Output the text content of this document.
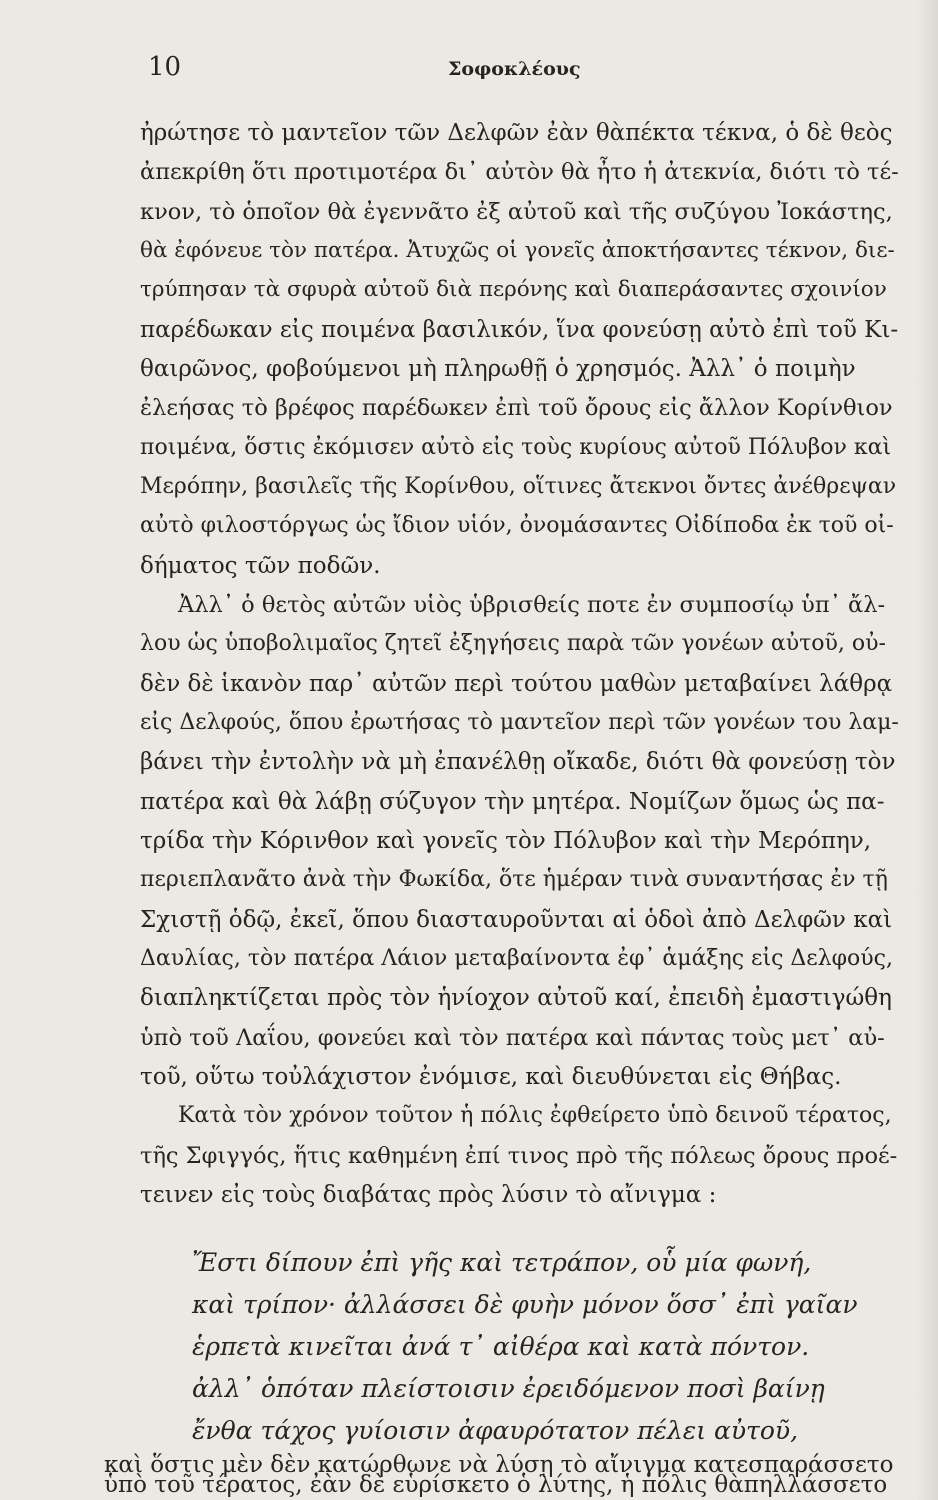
10	Σοφοκλέους
ἠρώτησε τὸ μαντεῖον τῶν Δελφῶν ἐὰν θὰπέκτα τέκνα, ὁ δὲ θεὸς
ἀπεκρίθη ὅτι προτιμοτέρα δι᾿ αὐτὸν θὰ ἦτο ἡ ἀτεκνία, διότι τὸ τέ-
κνον, τὸ ὁποῖον θὰ ἐγεννᾶτο ἐξ αὐτοῦ καὶ τῆς συζύγου Ἰοκάστης,
θὰ ἐφόνευε τὸν πατέρα. Ἀτυχῶς οἱ γονεῖς ἀποκτήσαντες τέκνον, διε-
τρύπησαν τὰ σφυρὰ αὐτοῦ διὰ περόνης καὶ διαπεράσαντες σχοινίον
παρέδωκαν εἰς ποιμένα βασιλικόν, ἵνα φονεύσῃ αὐτὸ ἐπὶ τοῦ Κι-
θαιρῶνος, φοβούμενοι μὴ πληρωθῇ ὁ χρησμός. Ἀλλ᾿ ὁ ποιμὴν
ἐλεήσας τὸ βρέφος παρέδωκεν ἐπὶ τοῦ ὄρους εἰς ἄλλον Κορίνθιον
ποιμένα, ὅστις ἐκόμισεν αὐτὸ εἰς τοὺς κυρίους αὐτοῦ Πόλυβον καὶ
Μερόπην, βασιλεῖς τῆς Κορίνθου, οἵτινες ἄτεκνοι ὄντες ἀνέθρεψαν
αὐτὸ φιλοστόργως ὡς ἴδιον υἱόν, ὀνομάσαντες Οἰδίποδα ἐκ τοῦ οἰ-
δήματος τῶν ποδῶν.
Ἀλλ᾿ ὁ θετὸς αὐτῶν υἱὸς ὑβρισθείς ποτε ἐν συμποσίῳ ὑπ᾿ ἄλ-
λου ὡς ὑποβολιμαῖος ζητεῖ ἐξηγήσεις παρὰ τῶν γονέων αὐτοῦ, οὐ-
δὲν δὲ ἱκανὸν παρ᾿ αὐτῶν περὶ τούτου μαθὼν μεταβαίνει λάθρᾳ
εἰς Δελφούς, ὅπου ἐρωτήσας τὸ μαντεῖον περὶ τῶν γονέων του λαμ-
βάνει τὴν ἐντολὴν νὰ μὴ ἐπανέλθῃ οἴκαδε, διότι θὰ φονεύσῃ τὸν
πατέρα καὶ θὰ λάβῃ σύζυγον τὴν μητέρα. Νομίζων ὅμως ὡς πα-
τρίδα τὴν Κόρινθον καὶ γονεῖς τὸν Πόλυβον καὶ τὴν Μερόπην,
περιεπλανᾶτο ἀνὰ τὴν Φωκίδα, ὅτε ἡμέραν τινὰ συναντήσας ἐν τῇ
Σχιστῇ ὁδῷ, ἐκεῖ, ὅπου διασταυροῦνται αἱ ὁδοὶ ἀπὸ Δελφῶν καὶ
Δαυλίας, τὸν πατέρα Λάιον μεταβαίνοντα ἐφ᾿ ἁμάξης εἰς Δελφούς,
διαπληκτίζεται πρὸς τὸν ἡνίοχον αὐτοῦ καί, ἐπειδὴ ἐμαστιγώθη
ὑπὸ τοῦ Λαΐου, φονεύει καὶ τὸν πατέρα καὶ πάντας τοὺς μετ᾿ αὐ-
τοῦ, οὕτω τοὐλάχιστον ἐνόμισε, καὶ διευθύνεται εἰς Θήβας.
Κατὰ τὸν χρόνον τοῦτον ἡ πόλις ἐφθείρετο ὑπὸ δεινοῦ τέρατος,
τῆς Σφιγγός, ἥτις καθημένη ἐπί τινος πρὸ τῆς πόλεως ὄρους προέ-
τεινεν εἰς τοὺς διαβάτας πρὸς λύσιν τὸ αἴνιγμα :
Ἔστι δίπουν ἐπὶ γῆς καὶ τετράπον, οὗ μία φωνή,
καὶ τρίπον· ἀλλάσσει δὲ φυὴν μόνον ὅσσ᾿ ἐπὶ γαῖαν
ἑρπετὰ κινεῖται ἀνά τ᾿ αἰθέρα καὶ κατὰ πόντον.
ἀλλ᾿ ὁπόταν πλείστοισιν ἐρειδόμενον ποσὶ βαίνῃ
ἔνθα τάχος γυίοισιν ἀφαυρότατον πέλει αὐτοῦ,
καὶ ὅστις μὲν δὲν κατώρθωνε νὰ λύσῃ τὸ αἴνιγμα κατεσπαράσσετο
ὑπὸ τοῦ τέρατος, ἐὰν δὲ εὑρίσκετο ὁ λύτης, ἡ πόλις θὰπηλλάσσετο
